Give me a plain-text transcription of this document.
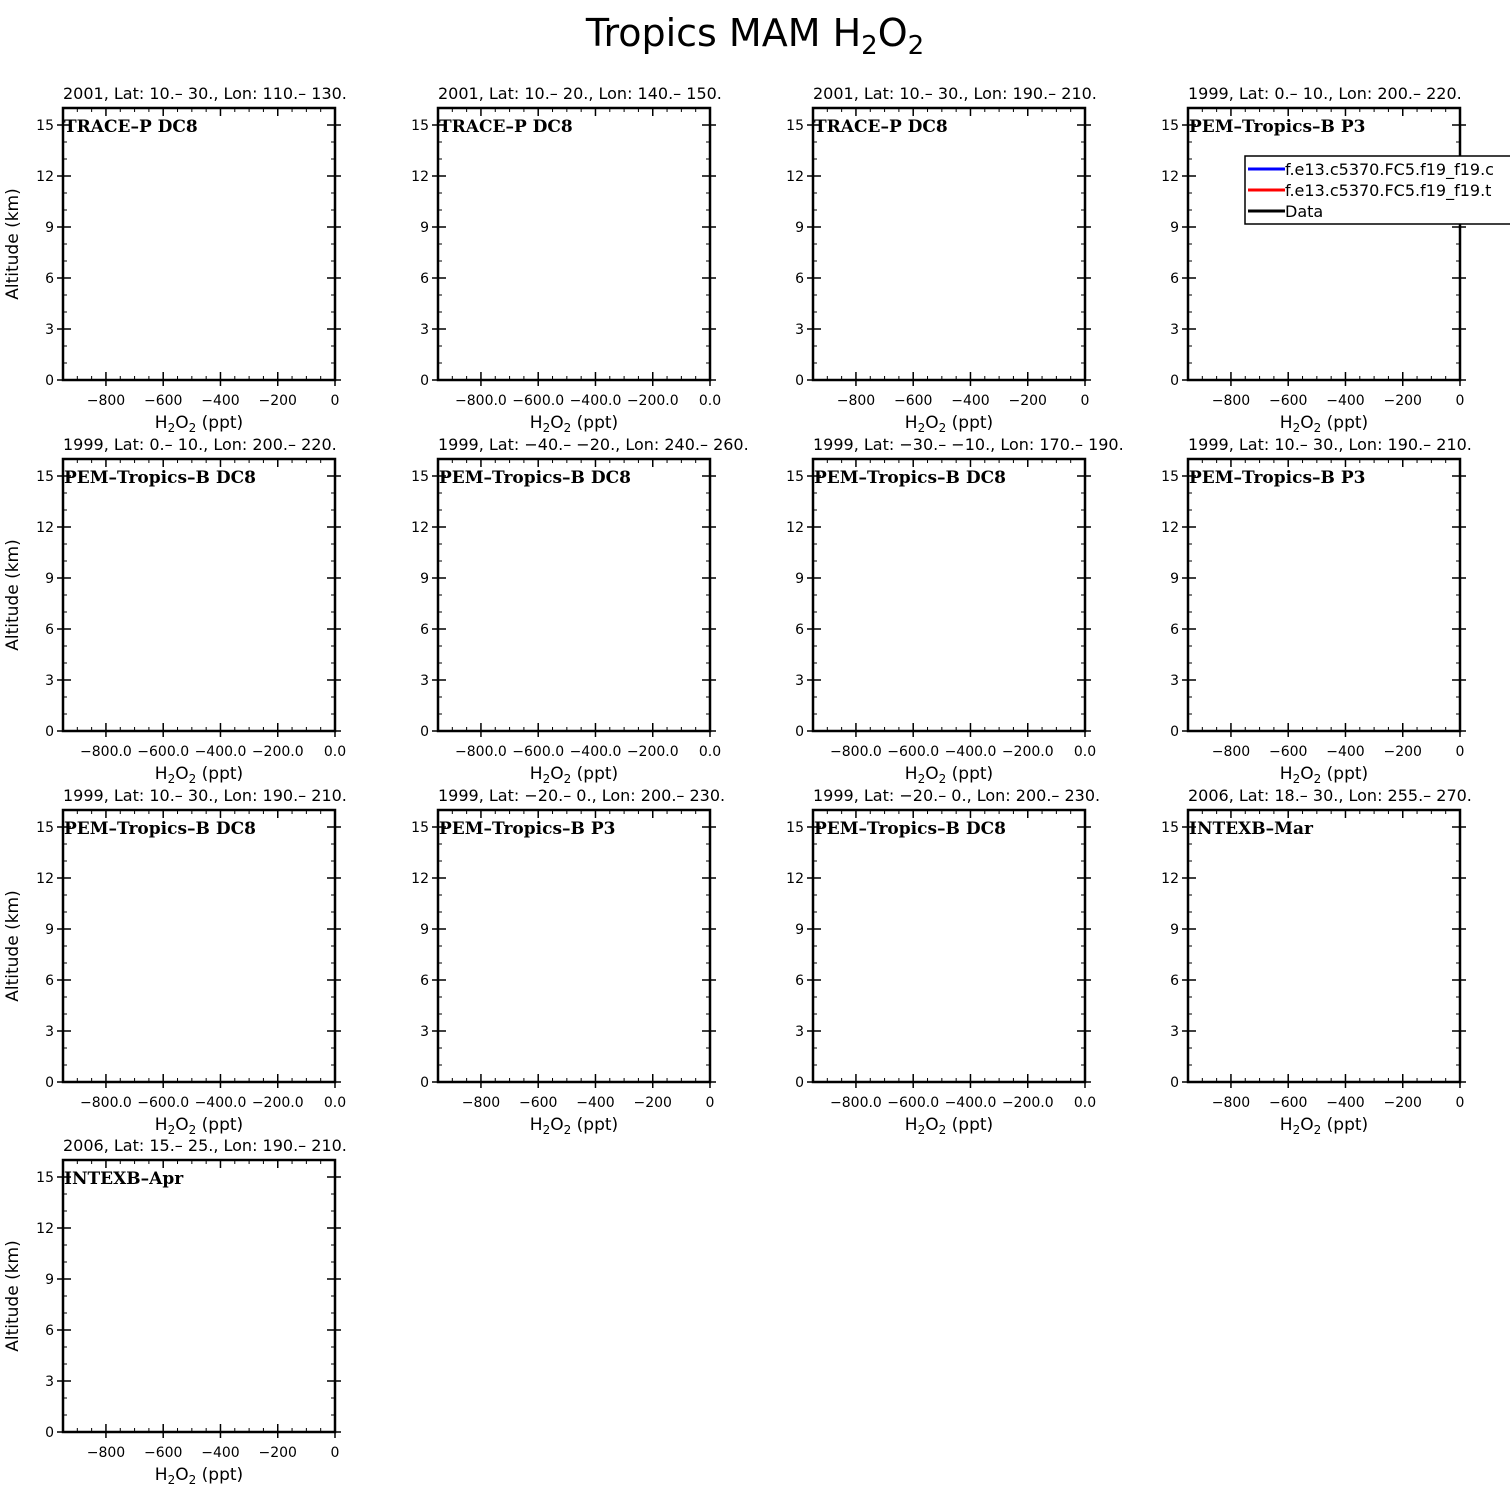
Tropics MAM $H_2O_2$
2001, Lat: 10.– 30., Lon: 110.– 130.
0
3
6
9
12
15
−800 −600 −400 −200 0
$H_2O_2$ (ppt)
Altitude (km)
TRACE–P DC8
2001, Lat: 10.– 20., Lon: 140.– 150.
0
3
6
9
12
15
−800.0 −600.0 −400.0 −200.0 0.0
$H_2O_2$ (ppt)
TRACE–P DC8
2001, Lat: 10.– 30., Lon: 190.– 210.
0
3
6
9
12
15
−800 −600 −400 −200 0
$H_2O_2$ (ppt)
TRACE–P DC8
1999, Lat: 0.– 10., Lon: 200.– 220.
0
3
6
9
12
15
−800 −600 −400 −200 0
$H_2O_2$ (ppt)
PEM–Tropics–B P3
1999, Lat: 0.– 10., Lon: 200.– 220.
0
3
6
9
12
15
−800.0 −600.0 −400.0 −200.0 0.0
$H_2O_2$ (ppt)
Altitude (km)
PEM–Tropics–B DC8
1999, Lat: −40.– −20., Lon: 240.– 260.
0
3
6
9
12
15
−800.0 −600.0 −400.0 −200.0 0.0
$H_2O_2$ (ppt)
PEM–Tropics–B DC8
1999, Lat: −30.– −10., Lon: 170.– 190.
0
3
6
9
12
15
−800.0 −600.0 −400.0 −200.0 0.0
$H_2O_2$ (ppt)
PEM–Tropics–B DC8
1999, Lat: 10.– 30., Lon: 190.– 210.
0
3
6
9
12
15
−800 −600 −400 −200 0
$H_2O_2$ (ppt)
PEM–Tropics–B P3
1999, Lat: 10.– 30., Lon: 190.– 210.
0
3
6
9
12
15
−800.0 −600.0 −400.0 −200.0 0.0
$H_2O_2$ (ppt)
Altitude (km)
PEM–Tropics–B DC8
1999, Lat: −20.– 0., Lon: 200.– 230.
0
3
6
9
12
15
−800 −600 −400 −200 0
$H_2O_2$ (ppt)
PEM–Tropics–B P3
1999, Lat: −20.– 0., Lon: 200.– 230.
0
3
6
9
12
15
−800.0 −600.0 −400.0 −200.0 0.0
$H_2O_2$ (ppt)
PEM–Tropics–B DC8
2006, Lat: 18.– 30., Lon: 255.– 270.
0
3
6
9
12
15
−800 −600 −400 −200 0
$H_2O_2$ (ppt)
INTEXB–Mar
2006, Lat: 15.– 25., Lon: 190.– 210.
0
3
6
9
12
15
−800 −600 −400 −200 0
$H_2O_2$ (ppt)
Altitude (km)
INTEXB–Apr
f.e13.c5370.FC5.f19_f19.c
f.e13.c5370.FC5.f19_f19.t
Data
